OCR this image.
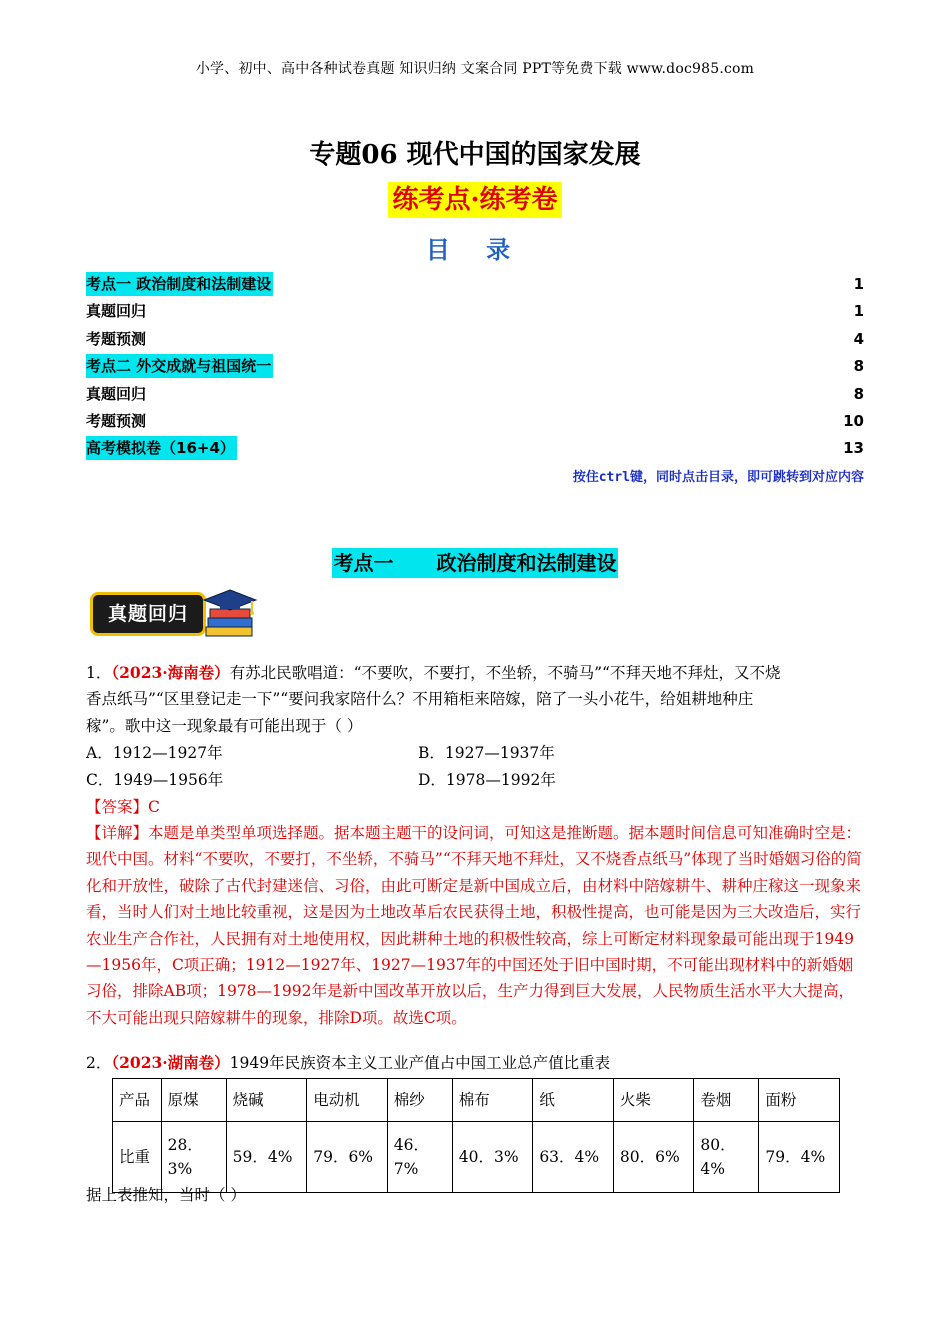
小学、初中、高中各种试卷真题 知识归纳 文案合同 PPT等免费下载 www.doc985.com
专题06 现代中国的国家发展
练考点·练考卷
目 录
考点一 政治制度和法制建设	1
真题回归	1
考题预测	4
考点二 外交成就与祖国统一	8
真题回归	8
考题预测	10
高考模拟卷（16+4）	13
按住ctrl键，同时点击目录，即可跳转到对应内容
考点一 政治制度和法制建设
真题回归
1．（2023·海南卷）有苏北民歌唱道：“不要吹，不要打，不坐轿，不骑马”“不拜天地不拜灶，又不烧
香点纸马”“区里登记走一下”“要问我家陪什么？不用箱柜来陪嫁，陪了一头小花牛，给姐耕地种庄
稼”。歌中这一现象最有可能出现于（ ）
A．1912—1927年	B．1927—1937年
C．1949—1956年	D．1978—1992年
【答案】C
【详解】本题是单类型单项选择题。据本题主题干的设问词，可知这是推断题。据本题时间信息可知准确时空是：现代中国。材料“不要吹，不要打，不坐轿，不骑马”“不拜天地不拜灶，又不烧香点纸马”体现了当时婚姻习俗的简化和开放性，破除了古代封建迷信、习俗，由此可断定是新中国成立后，由材料中陪嫁耕牛、耕种庄稼这一现象来看，当时人们对土地比较重视，这是因为土地改革后农民获得土地，积极性提高，也可能是因为三大改造后，实行农业生产合作社，人民拥有对土地使用权，因此耕种土地的积极性较高，综上可断定材料现象最可能出现于1949—1956年，C项正确；1912—1927年、1927—1937年的中国还处于旧中国时期，不可能出现材料中的新婚姻习俗，排除AB项；1978—1992年是新中国改革开放以后，生产力得到巨大发展，人民物质生活水平大大提高，不大可能出现只陪嫁耕牛的现象，排除D项。故选C项。
2．（2023·湖南卷）1949年民族资本主义工业产值占中国工业总产值比重表
产品	原煤	烧碱	电动机	棉纱	棉布	纸	火柴	卷烟	面粉
比重	28．3%	59．4%	79．6%	46．7%	40．3%	63．4%	80．6%	80．4%	79．4%
据上表推知，当时（ ）
